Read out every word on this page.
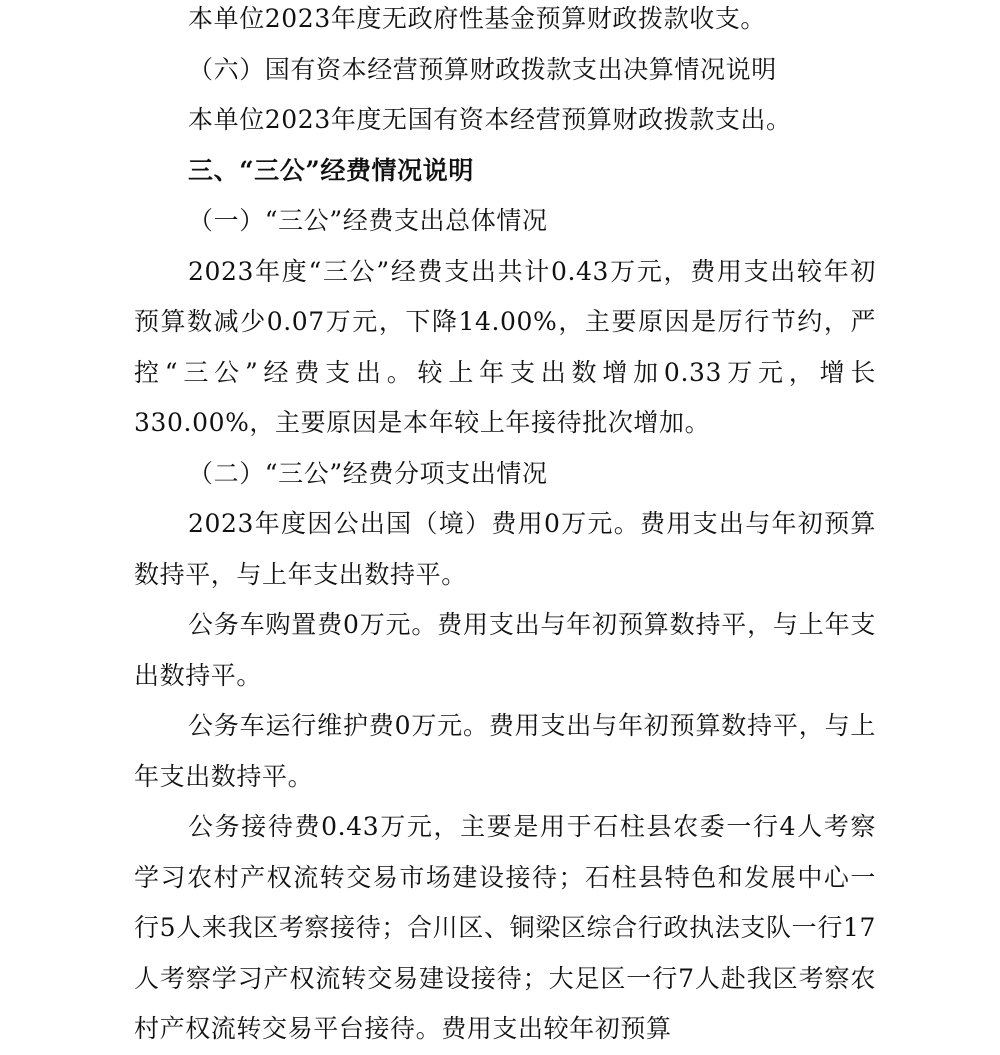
本单位2023年度无政府性基金预算财政拨款收支。

（六）国有资本经营预算财政拨款支出决算情况说明

本单位2023年度无国有资本经营预算财政拨款支出。

三、“三公”经费情况说明

（一）“三公”经费支出总体情况

2023年度“三公”经费支出共计0.43万元，费用支出较年初预算数减少0.07万元，下降14.00%，主要原因是厉行节约，严控“三公”经费支出。较上年支出数增加0.33万元，增长330.00%，主要原因是本年较上年接待批次增加。

（二）“三公”经费分项支出情况

2023年度因公出国（境）费用0万元。费用支出与年初预算数持平，与上年支出数持平。

公务车购置费0万元。费用支出与年初预算数持平，与上年支出数持平。

公务车运行维护费0万元。费用支出与年初预算数持平，与上年支出数持平。

公务接待费0.43万元，主要是用于石柱县农委一行4人考察学习农村产权流转交易市场建设接待；石柱县特色和发展中心一行5人来我区考察接待；合川区、铜梁区综合行政执法支队一行17人考察学习产权流转交易建设接待；大足区一行7人赴我区考察农村产权流转交易平台接待。费用支出较年初预算
